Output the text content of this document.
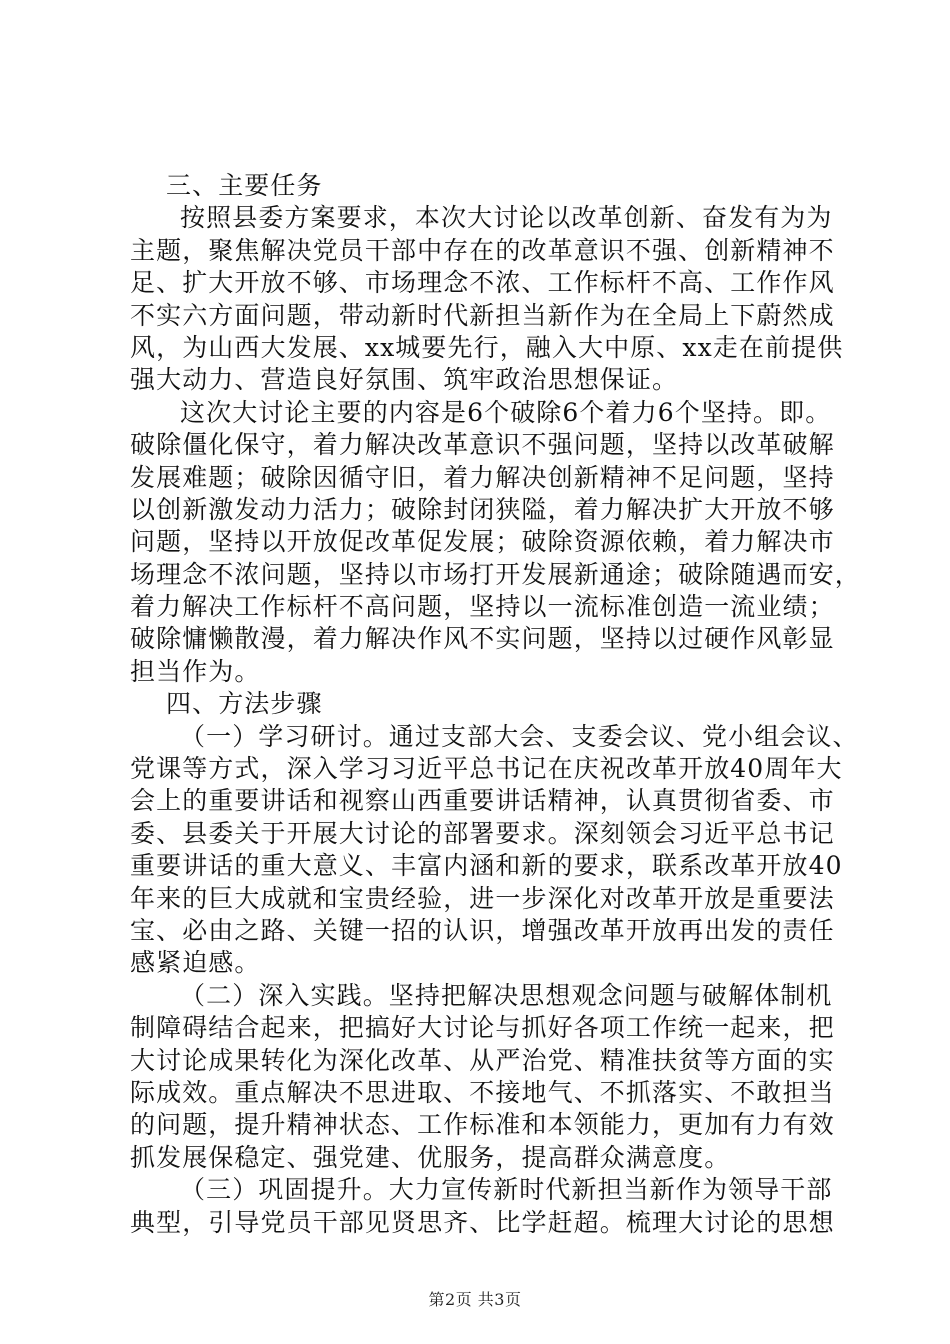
三、主要任务
按照县委方案要求，本次大讨论以改革创新、奋发有为为
主题，聚焦解决党员干部中存在的改革意识不强、创新精神不
足、扩大开放不够、市场理念不浓、工作标杆不高、工作作风
不实六方面问题，带动新时代新担当新作为在全局上下蔚然成
风，为山西大发展、xx城要先行，融入大中原、xx走在前提供
强大动力、营造良好氛围、筑牢政治思想保证。
这次大讨论主要的内容是6个破除6个着力6个坚持。即。
破除僵化保守，着力解决改革意识不强问题，坚持以改革破解
发展难题；破除因循守旧，着力解决创新精神不足问题，坚持
以创新激发动力活力；破除封闭狭隘，着力解决扩大开放不够
问题，坚持以开放促改革促发展；破除资源依赖，着力解决市
场理念不浓问题，坚持以市场打开发展新通途；破除随遇而安，
着力解决工作标杆不高问题，坚持以一流标准创造一流业绩；
破除慵懒散漫，着力解决作风不实问题，坚持以过硬作风彰显
担当作为。
四、方法步骤
（一）学习研讨。通过支部大会、支委会议、党小组会议、
党课等方式，深入学习习近平总书记在庆祝改革开放40周年大
会上的重要讲话和视察山西重要讲话精神，认真贯彻省委、市
委、县委关于开展大讨论的部署要求。深刻领会习近平总书记
重要讲话的重大意义、丰富内涵和新的要求，联系改革开放40
年来的巨大成就和宝贵经验，进一步深化对改革开放是重要法
宝、必由之路、关键一招的认识，增强改革开放再出发的责任
感紧迫感。
（二）深入实践。坚持把解决思想观念问题与破解体制机
制障碍结合起来，把搞好大讨论与抓好各项工作统一起来，把
大讨论成果转化为深化改革、从严治党、精准扶贫等方面的实
际成效。重点解决不思进取、不接地气、不抓落实、不敢担当
的问题，提升精神状态、工作标准和本领能力，更加有力有效
抓发展保稳定、强党建、优服务，提高群众满意度。
（三）巩固提升。大力宣传新时代新担当新作为领导干部
典型，引导党员干部见贤思齐、比学赶超。梳理大讨论的思想
第2页 共3页
